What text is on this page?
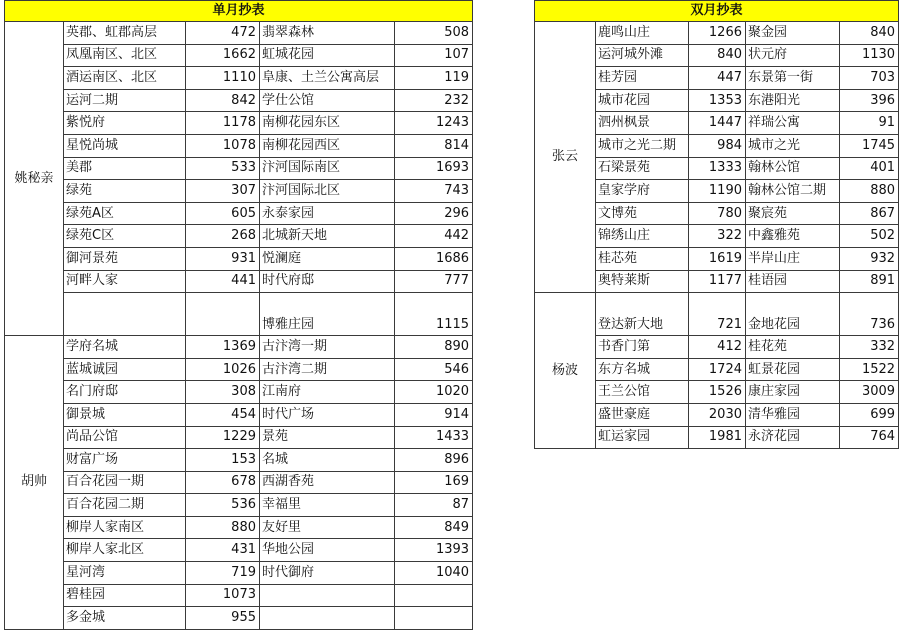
单月抄表				
姚秘亲	英郡、虹郡高层	472	翡翠森林	508
	凤凰南区、北区	1662	虹城花园	107
	酒运南区、北区	1110	阜康、土兰公寓高层	119
	运河二期	842	学仕公馆	232
	紫悦府	1178	南柳花园东区	1243
	星悦尚城	1078	南柳花园西区	814
	美郡	533	汴河国际南区	1693
	绿苑	307	汴河国际北区	743
	绿苑A区	605	永泰家园	296
	绿苑C区	268	北城新天地	442
	御河景苑	931	悦澜庭	1686
	河畔人家	441	时代府邸	777
			博雅庄园	1115
胡帅	学府名城	1369	古汴湾一期	890
	蓝城诚园	1026	古汴湾二期	546
	名门府邸	308	江南府	1020
	御景城	454	时代广场	914
	尚品公馆	1229	景苑	1433
	财富广场	153	名城	896
	百合花园一期	678	西湖香苑	169
	百合花园二期	536	幸福里	87
	柳岸人家南区	880	友好里	849
	柳岸人家北区	431	华地公园	1393
	星河湾	719	时代御府	1040
	碧桂园	1073		
	多金城	955		
双月抄表				
张云	鹿鸣山庄	1266	聚金园	840
	运河城外滩	840	状元府	1130
	桂芳园	447	东景第一街	703
	城市花园	1353	东港阳光	396
	泗州枫景	1447	祥瑞公寓	91
	城市之光二期	984	城市之光	1745
	石梁景苑	1333	翰林公馆	401
	皇家学府	1190	翰林公馆二期	880
	文博苑	780	聚宸苑	867
	锦绣山庄	322	中鑫雅苑	502
	桂芯苑	1619	半岸山庄	932
	奥特莱斯	1177	桂语园	891
杨波	登达新大地	721	金地花园	736
	书香门第	412	桂花苑	332
	东方名城	1724	虹景花园	1522
	王兰公馆	1526	康庄家园	3009
	盛世豪庭	2030	清华雅园	699
	虹运家园	1981	永济花园	764
